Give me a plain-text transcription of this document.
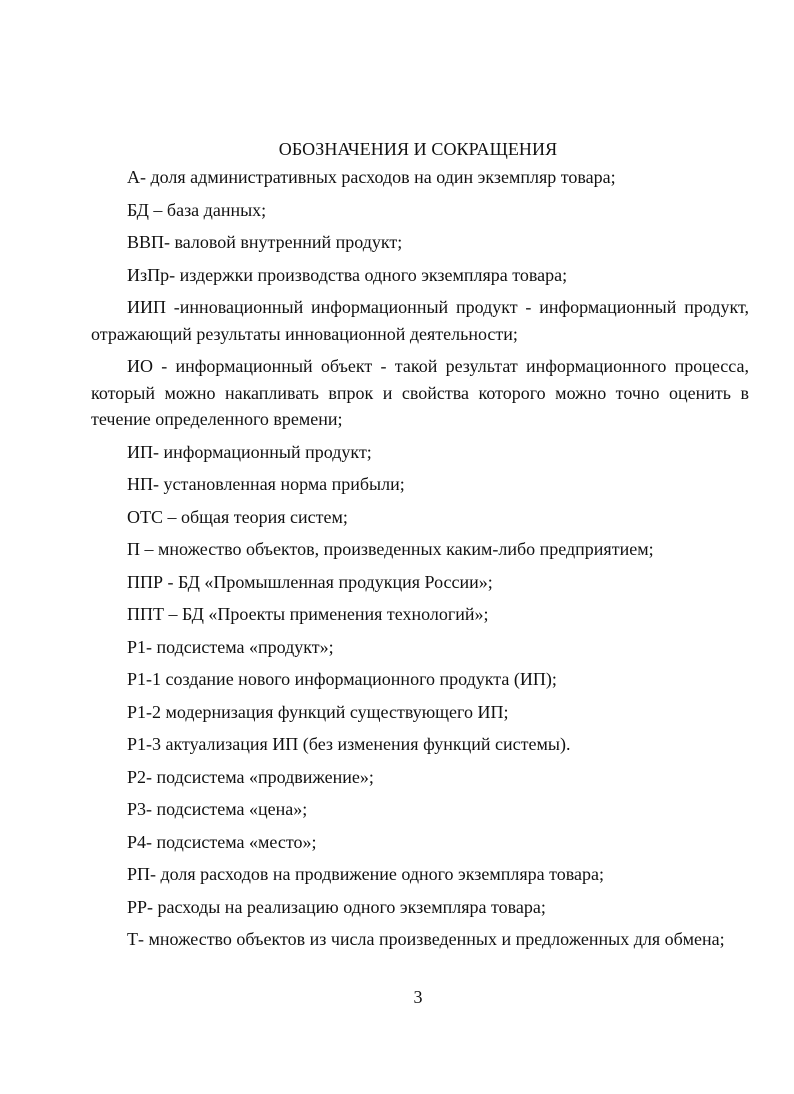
ОБОЗНАЧЕНИЯ И СОКРАЩЕНИЯ

А- доля административных расходов на один экземпляр товара;

БД – база данных;

ВВП- валовой внутренний продукт;

ИзПр- издержки производства одного экземпляра товара;

ИИП -инновационный информационный продукт - информационный продукт, отражающий результаты инновационной деятельности;

ИО - информационный объект - такой результат информационного процесса, который можно накапливать впрок и свойства которого можно точно оценить в течение определенного времени;

ИП- информационный продукт;

НП- установленная норма прибыли;

ОТС – общая теория систем;

П – множество объектов, произведенных каким-либо предприятием;

ППР - БД «Промышленная продукция России»;

ППТ – БД «Проекты применения технологий»;

Р1- подсистема «продукт»;

Р1-1 создание нового информационного продукта (ИП);

Р1-2 модернизация функций существующего ИП;

Р1-3 актуализация ИП (без изменения функций системы).

Р2- подсистема «продвижение»;

Р3- подсистема «цена»;

Р4- подсистема «место»;

РП- доля расходов на продвижение одного экземпляра товара;

РР- расходы на реализацию одного экземпляра товара;

Т- множество объектов из числа произведенных и предложенных для обмена;

3
